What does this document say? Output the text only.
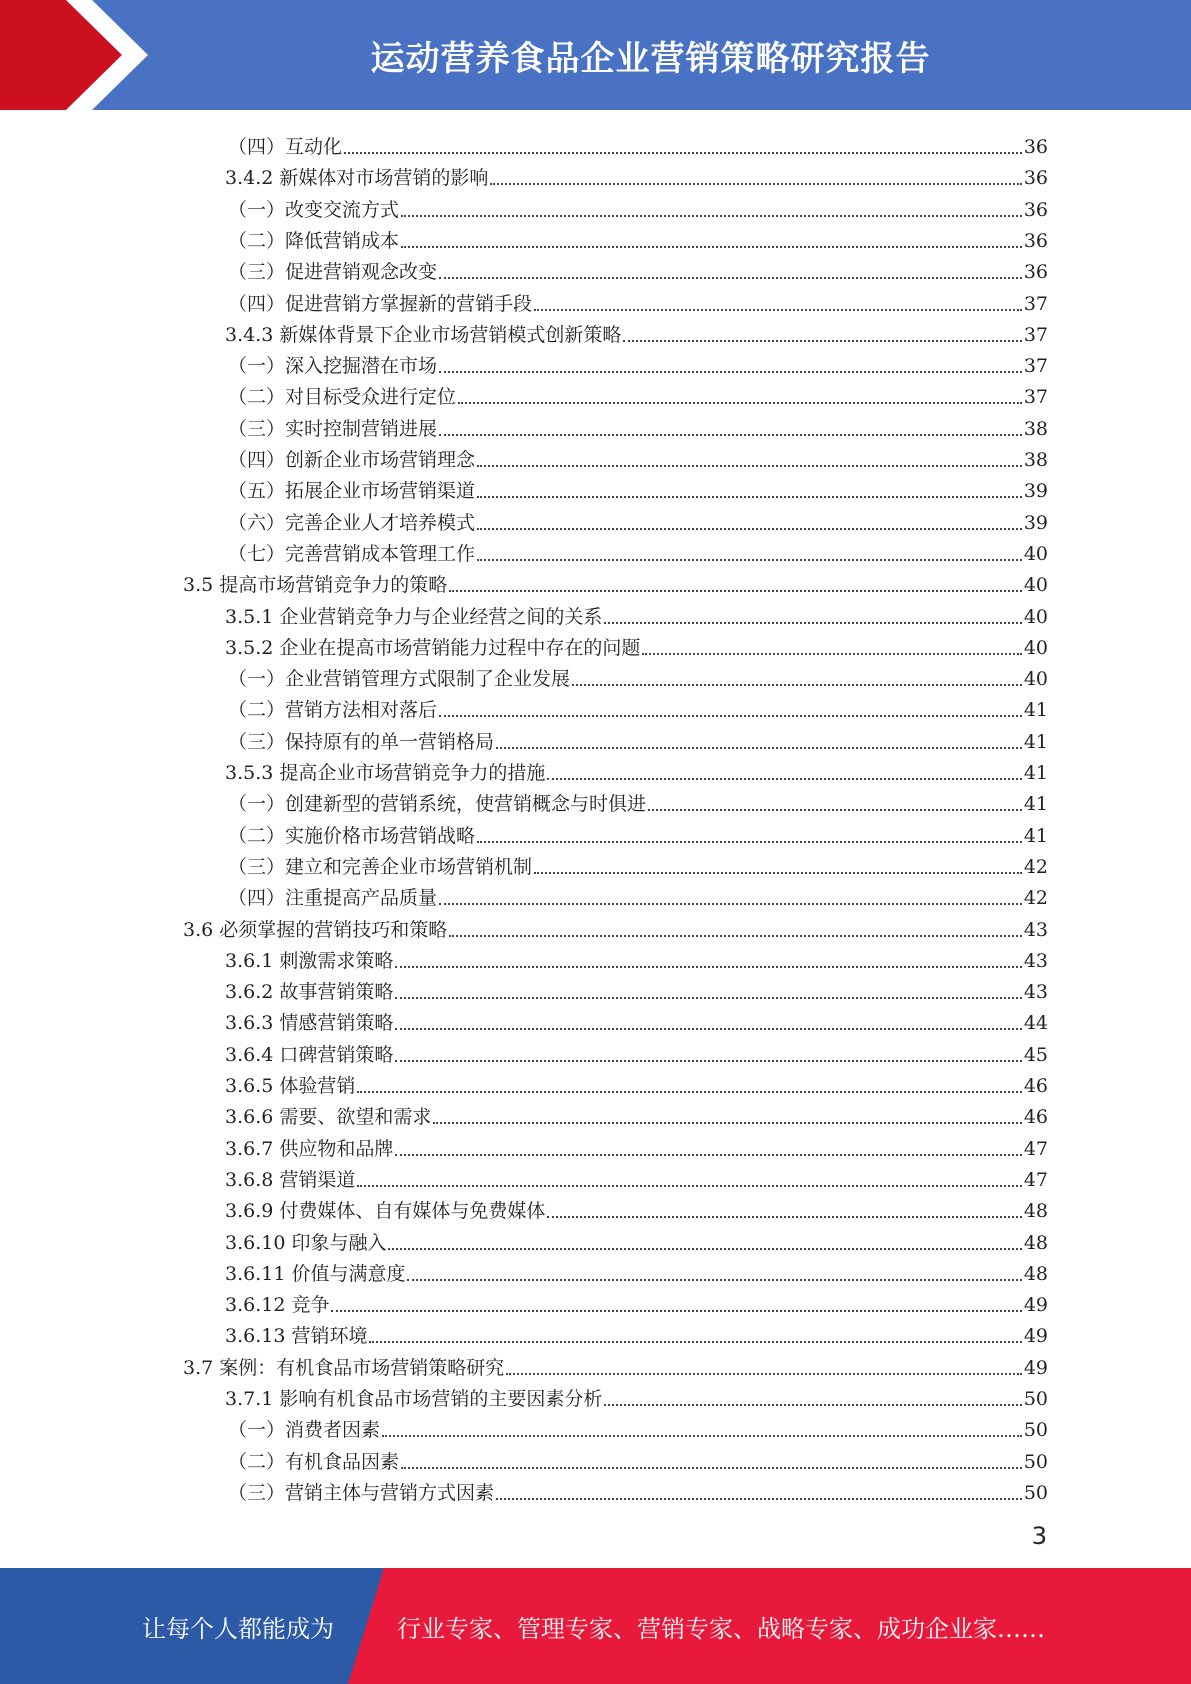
运动营养食品企业营销策略研究报告
（四）互动化	36
3.4.2 新媒体对市场营销的影响	36
（一）改变交流方式	36
（二）降低营销成本	36
（三）促进营销观念改变	36
（四）促进营销方掌握新的营销手段	37
3.4.3 新媒体背景下企业市场营销模式创新策略	37
（一）深入挖掘潜在市场	37
（二）对目标受众进行定位	37
（三）实时控制营销进展	38
（四）创新企业市场营销理念	38
（五）拓展企业市场营销渠道	39
（六）完善企业人才培养模式	39
（七）完善营销成本管理工作	40
3.5 提高市场营销竞争力的策略	40
3.5.1 企业营销竞争力与企业经营之间的关系	40
3.5.2 企业在提高市场营销能力过程中存在的问题	40
（一）企业营销管理方式限制了企业发展	40
（二）营销方法相对落后	41
（三）保持原有的单一营销格局	41
3.5.3 提高企业市场营销竞争力的措施	41
（一）创建新型的营销系统，使营销概念与时俱进	41
（二）实施价格市场营销战略	41
（三）建立和完善企业市场营销机制	42
（四）注重提高产品质量	42
3.6 必须掌握的营销技巧和策略	43
3.6.1 刺激需求策略	43
3.6.2 故事营销策略	43
3.6.3 情感营销策略	44
3.6.4 口碑营销策略	45
3.6.5 体验营销	46
3.6.6 需要、欲望和需求	46
3.6.7 供应物和品牌	47
3.6.8 营销渠道	47
3.6.9 付费媒体、自有媒体与免费媒体	48
3.6.10 印象与融入	48
3.6.11 价值与满意度	48
3.6.12 竞争	49
3.6.13 营销环境	49
3.7 案例：有机食品市场营销策略研究	49
3.7.1 影响有机食品市场营销的主要因素分析	50
（一）消费者因素	50
（二）有机食品因素	50
（三）营销主体与营销方式因素	50
3
让每个人都能成为	行业专家、管理专家、营销专家、战略专家、成功企业家……
